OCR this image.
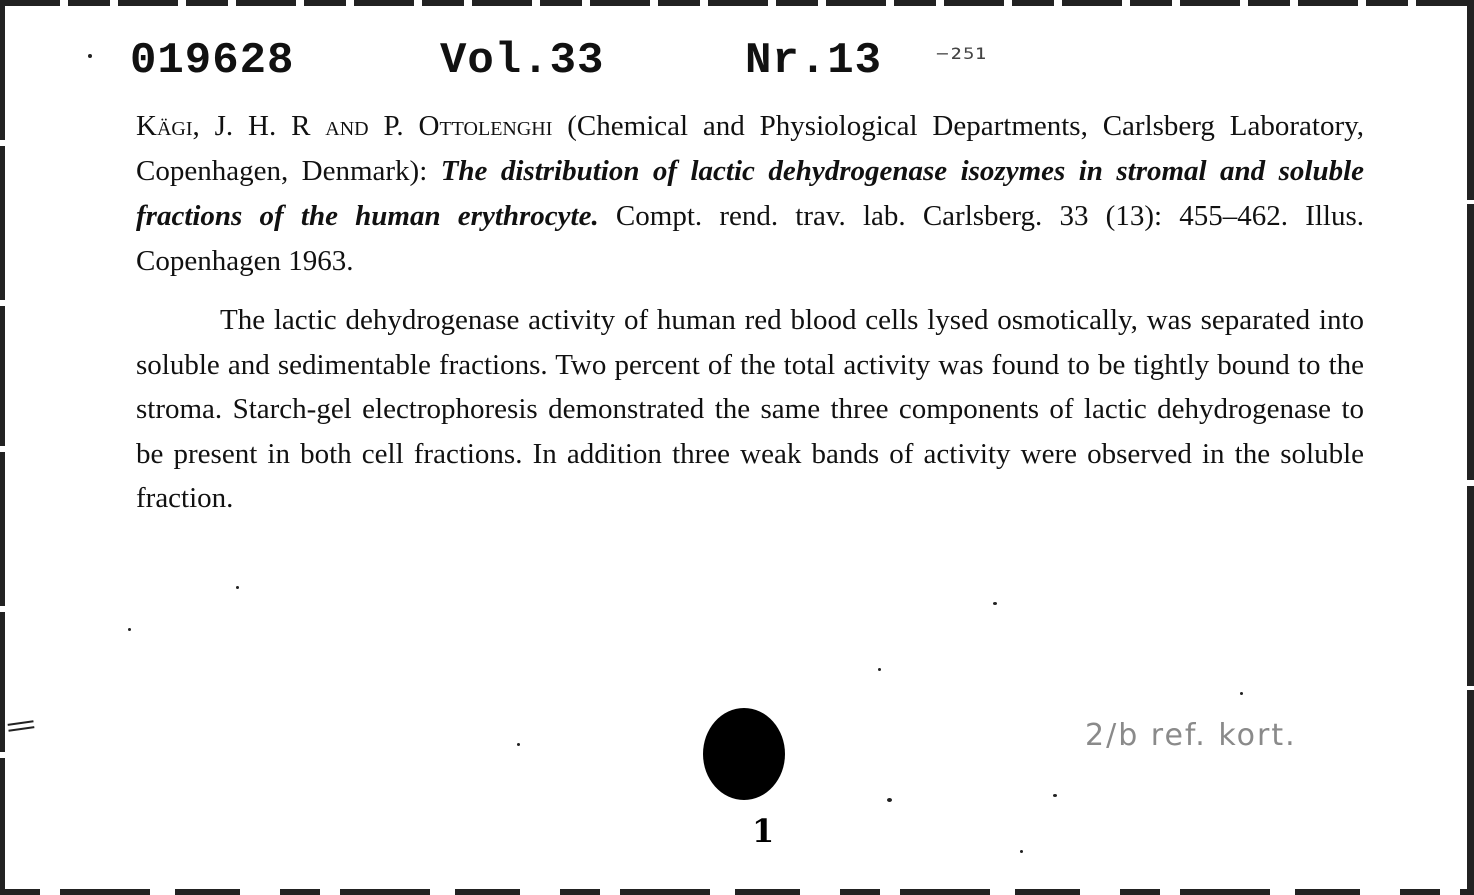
019628	Vol.33	Nr.13 ⁻²⁵¹
Kägi, J. H. R and P. Ottolenghi (Chemical and Physiological Departments, Carlsberg Laboratory, Copenhagen, Denmark): The distribution of lactic dehydrogenase isozymes in stromal and soluble fractions of the human erythrocyte. Compt. rend. trav. lab. Carlsberg. 33 (13): 455–462. Illus. Copenhagen 1963.
The lactic dehydrogenase activity of human red blood cells lysed osmotically, was separated into soluble and sedimentable fractions. Two percent of the total activity was found to be tightly bound to the stroma. Starch-gel electrophoresis demonstrated the same three components of lactic dehydrogenase to be present in both cell fractions. In addition three weak bands of activity were observed in the soluble fraction.
2/b ref. kort.
1
